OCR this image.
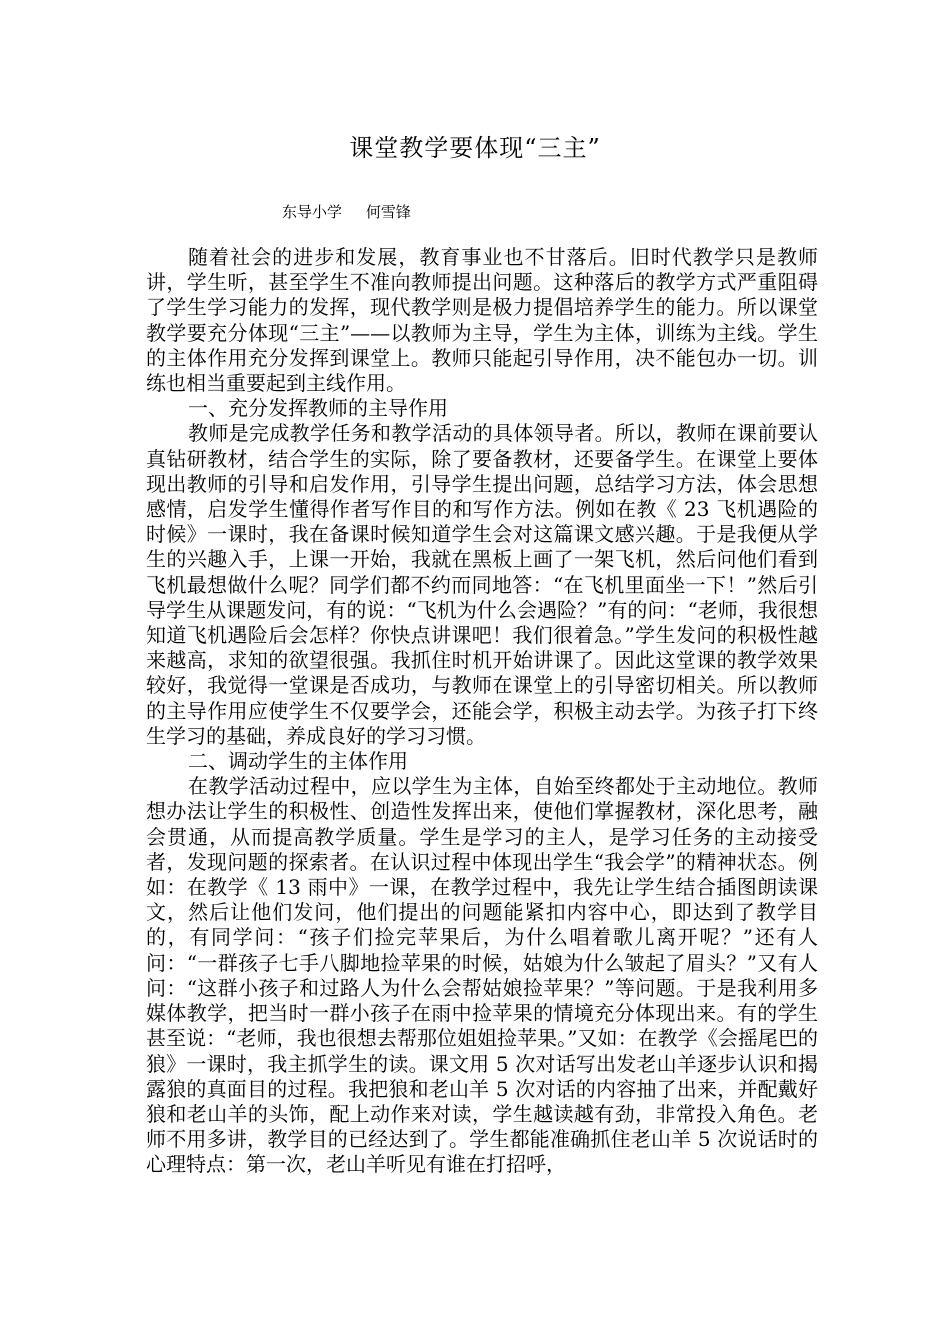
课堂教学要体现“三主”
东导小学     何雪锋

随着社会的进步和发展，教育事业也不甘落后。旧时代教学只是教师讲，学生听，甚至学生不准向教师提出问题。这种落后的教学方式严重阻碍了学生学习能力的发挥，现代教学则是极力提倡培养学生的能力。所以课堂教学要充分体现“三主”——以教师为主导，学生为主体，训练为主线。学生的主体作用充分发挥到课堂上。教师只能起引导作用，决不能包办一切。训练也相当重要起到主线作用。

一、充分发挥教师的主导作用

教师是完成教学任务和教学活动的具体领导者。所以，教师在课前要认真钻研教材，结合学生的实际，除了要备教材，还要备学生。在课堂上要体现出教师的引导和启发作用，引导学生提出问题，总结学习方法，体会思想感情，启发学生懂得作者写作目的和写作方法。例如在教《 23 飞机遇险的时候》一课时，我在备课时候知道学生会对这篇课文感兴趣。于是我便从学生的兴趣入手，上课一开始，我就在黑板上画了一架飞机，然后问他们看到飞机最想做什么呢？同学们都不约而同地答：“在飞机里面坐一下！”然后引导学生从课题发问，有的说：“飞机为什么会遇险？”有的问：“老师，我很想知道飞机遇险后会怎样？你快点讲课吧！我们很着急。”学生发问的积极性越来越高，求知的欲望很强。我抓住时机开始讲课了。因此这堂课的教学效果较好，我觉得一堂课是否成功，与教师在课堂上的引导密切相关。所以教师的主导作用应使学生不仅要学会，还能会学，积极主动去学。为孩子打下终生学习的基础，养成良好的学习习惯。

二、调动学生的主体作用

在教学活动过程中，应以学生为主体，自始至终都处于主动地位。教师想办法让学生的积极性、创造性发挥出来，使他们掌握教材，深化思考，融会贯通，从而提高教学质量。学生是学习的主人，是学习任务的主动接受者，发现问题的探索者。在认识过程中体现出学生“我会学”的精神状态。例如：在教学《 13 雨中》一课，在教学过程中，我先让学生结合插图朗读课文，然后让他们发问，他们提出的问题能紧扣内容中心，即达到了教学目的，有同学问：“孩子们捡完苹果后，为什么唱着歌儿离开呢？”还有人问：“一群孩子七手八脚地捡苹果的时候，姑娘为什么皱起了眉头？”又有人问：“这群小孩子和过路人为什么会帮姑娘捡苹果？”等问题。于是我利用多媒体教学，把当时一群小孩子在雨中捡苹果的情境充分体现出来。有的学生甚至说：“老师，我也很想去帮那位姐姐捡苹果。”又如：在教学《会摇尾巴的狼》一课时，我主抓学生的读。课文用 5 次对话写出发老山羊逐步认识和揭露狼的真面目的过程。我把狼和老山羊 5 次对话的内容抽了出来，并配戴好狼和老山羊的头饰，配上动作来对读，学生越读越有劲，非常投入角色。老师不用多讲，教学目的已经达到了。学生都能准确抓住老山羊 5 次说话时的心理特点：第一次，老山羊听见有谁在打招呼，
